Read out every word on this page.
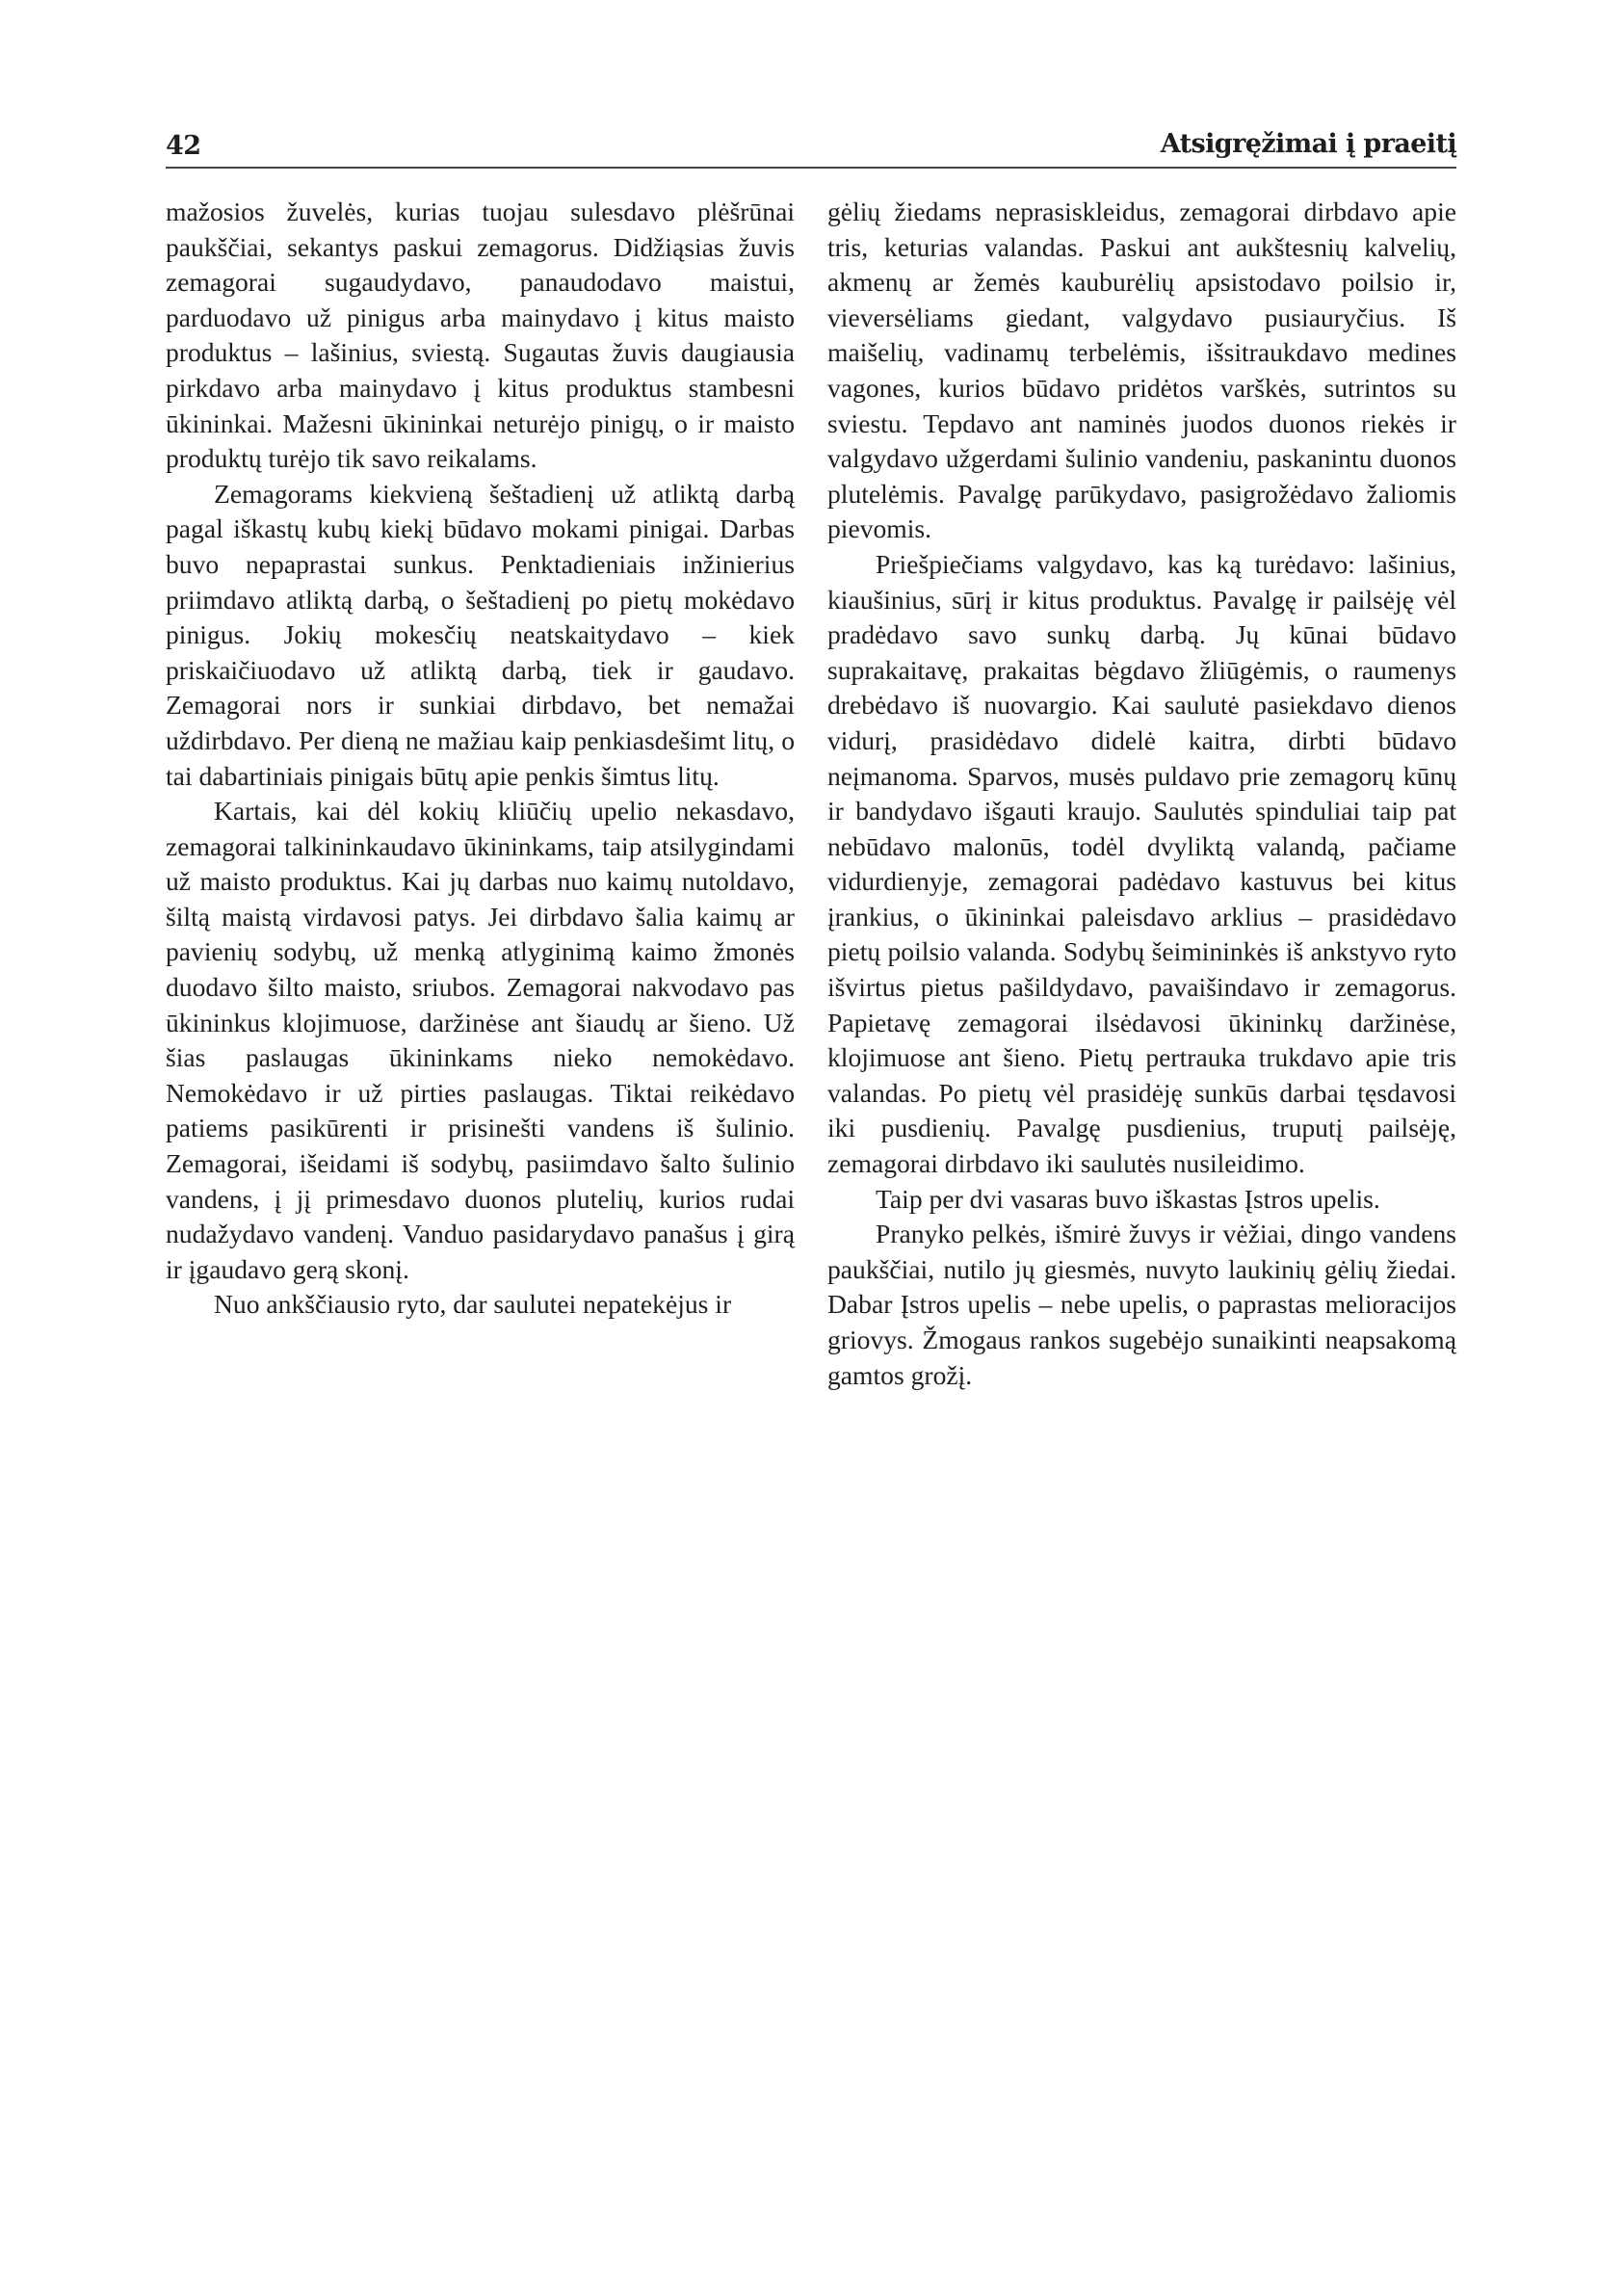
42	Atsigręžimai į praeitį

mažosios žuvelės, kurias tuojau sulesdavo plėšrūnai paukščiai, sekantys paskui zemagorus. Didžiąsias žuvis zemagorai sugaudydavo, panaudodavo maistui, parduodavo už pinigus arba mainydavo į kitus maisto produktus – lašinius, sviestą. Sugautas žuvis daugiausia pirkdavo arba mainydavo į kitus produktus stambesni ūkininkai. Mažesni ūkininkai neturėjo pinigų, o ir maisto produktų turėjo tik savo reikalams.

Zemagorams kiekvieną šeštadienį už atliktą darbą pagal iškastų kubų kiekį būdavo mokami pinigai. Darbas buvo nepaprastai sunkus. Penktadieniais inžinierius priimdavo atliktą darbą, o šeštadienį po pietų mokėdavo pinigus. Jokių mokesčių neatskaitydavo – kiek priskaičiuodavo už atliktą darbą, tiek ir gaudavo. Zemagorai nors ir sunkiai dirbdavo, bet nemažai uždirbdavo. Per dieną ne mažiau kaip penkiasdešimt litų, o tai dabartiniais pinigais būtų apie penkis šimtus litų.

Kartais, kai dėl kokių kliūčių upelio nekasdavo, zemagorai talkininkaudavo ūkininkams, taip atsilygindami už maisto produktus. Kai jų darbas nuo kaimų nutoldavo, šiltą maistą virdavosi patys. Jei dirbdavo šalia kaimų ar pavienių sodybų, už menką atlyginimą kaimo žmonės duodavo šilto maisto, sriubos. Zemagorai nakvodavo pas ūkininkus klojimuose, daržinėse ant šiaudų ar šieno. Už šias paslaugas ūkininkams nieko nemokėdavo. Nemokėdavo ir už pirties paslaugas. Tiktai reikėdavo patiems pasikūrenti ir prisinešti vandens iš šulinio. Zemagorai, išeidami iš sodybų, pasiimdavo šalto šulinio vandens, į jį primesdavo duonos plutelių, kurios rudai nudažydavo vandenį. Vanduo pasidarydavo panašus į girą ir įgaudavo gerą skonį.

Nuo ankščiausio ryto, dar saulutei nepatekėjus ir

gėlių žiedams neprasiskleidus, zemagorai dirbdavo apie tris, keturias valandas. Paskui ant aukštesnių kalvelių, akmenų ar žemės kauburėlių apsistodavo poilsio ir, vieversėliams giedant, valgydavo pusiauryčius. Iš maišelių, vadinamų terbelėmis, išsitraukdavo medines vagones, kurios būdavo pridėtos varškės, sutrintos su sviestu. Tepdavo ant naminės juodos duonos riekės ir valgydavo užgerdami šulinio vandeniu, paskanintu duonos plutelėmis. Pavalgę parūkydavo, pasigrožėdavo žaliomis pievomis.

Priešpiečiams valgydavo, kas ką turėdavo: lašinius, kiaušinius, sūrį ir kitus produktus. Pavalgę ir pailsėję vėl pradėdavo savo sunkų darbą. Jų kūnai būdavo suprakaitavę, prakaitas bėgdavo žliūgėmis, o raumenys drebėdavo iš nuovargio. Kai saulutė pasiekdavo dienos vidurį, prasidėdavo didelė kaitra, dirbti būdavo neįmanoma. Sparvos, musės puldavo prie zemagorų kūnų ir bandydavo išgauti kraujo. Saulutės spinduliai taip pat nebūdavo malonūs, todėl dvyliktą valandą, pačiame vidurdienyje, zemagorai padėdavo kastuvus bei kitus įrankius, o ūkininkai paleisdavo arklius – prasidėdavo pietų poilsio valanda. Sodybų šeimininkės iš ankstyvo ryto išvirtus pietus pašildydavo, pavaišindavo ir zemagorus. Papietavę zemagorai ilsėdavosi ūkininkų daržinėse, klojimuose ant šieno. Pietų pertrauka trukdavo apie tris valandas. Po pietų vėl prasidėję sunkūs darbai tęsdavosi iki pusdienių. Pavalgę pusdienius, truputį pailsėję, zemagorai dirbdavo iki saulutės nusileidimo.

Taip per dvi vasaras buvo iškastas Įstros upelis.

Pranyko pelkės, išmirė žuvys ir vėžiai, dingo vandens paukščiai, nutilo jų giesmės, nuvyto laukinių gėlių žiedai. Dabar Įstros upelis – nebe upelis, o paprastas melioracijos griovys. Žmogaus rankos sugebėjo sunaikinti neapsakomą gamtos grožį.
